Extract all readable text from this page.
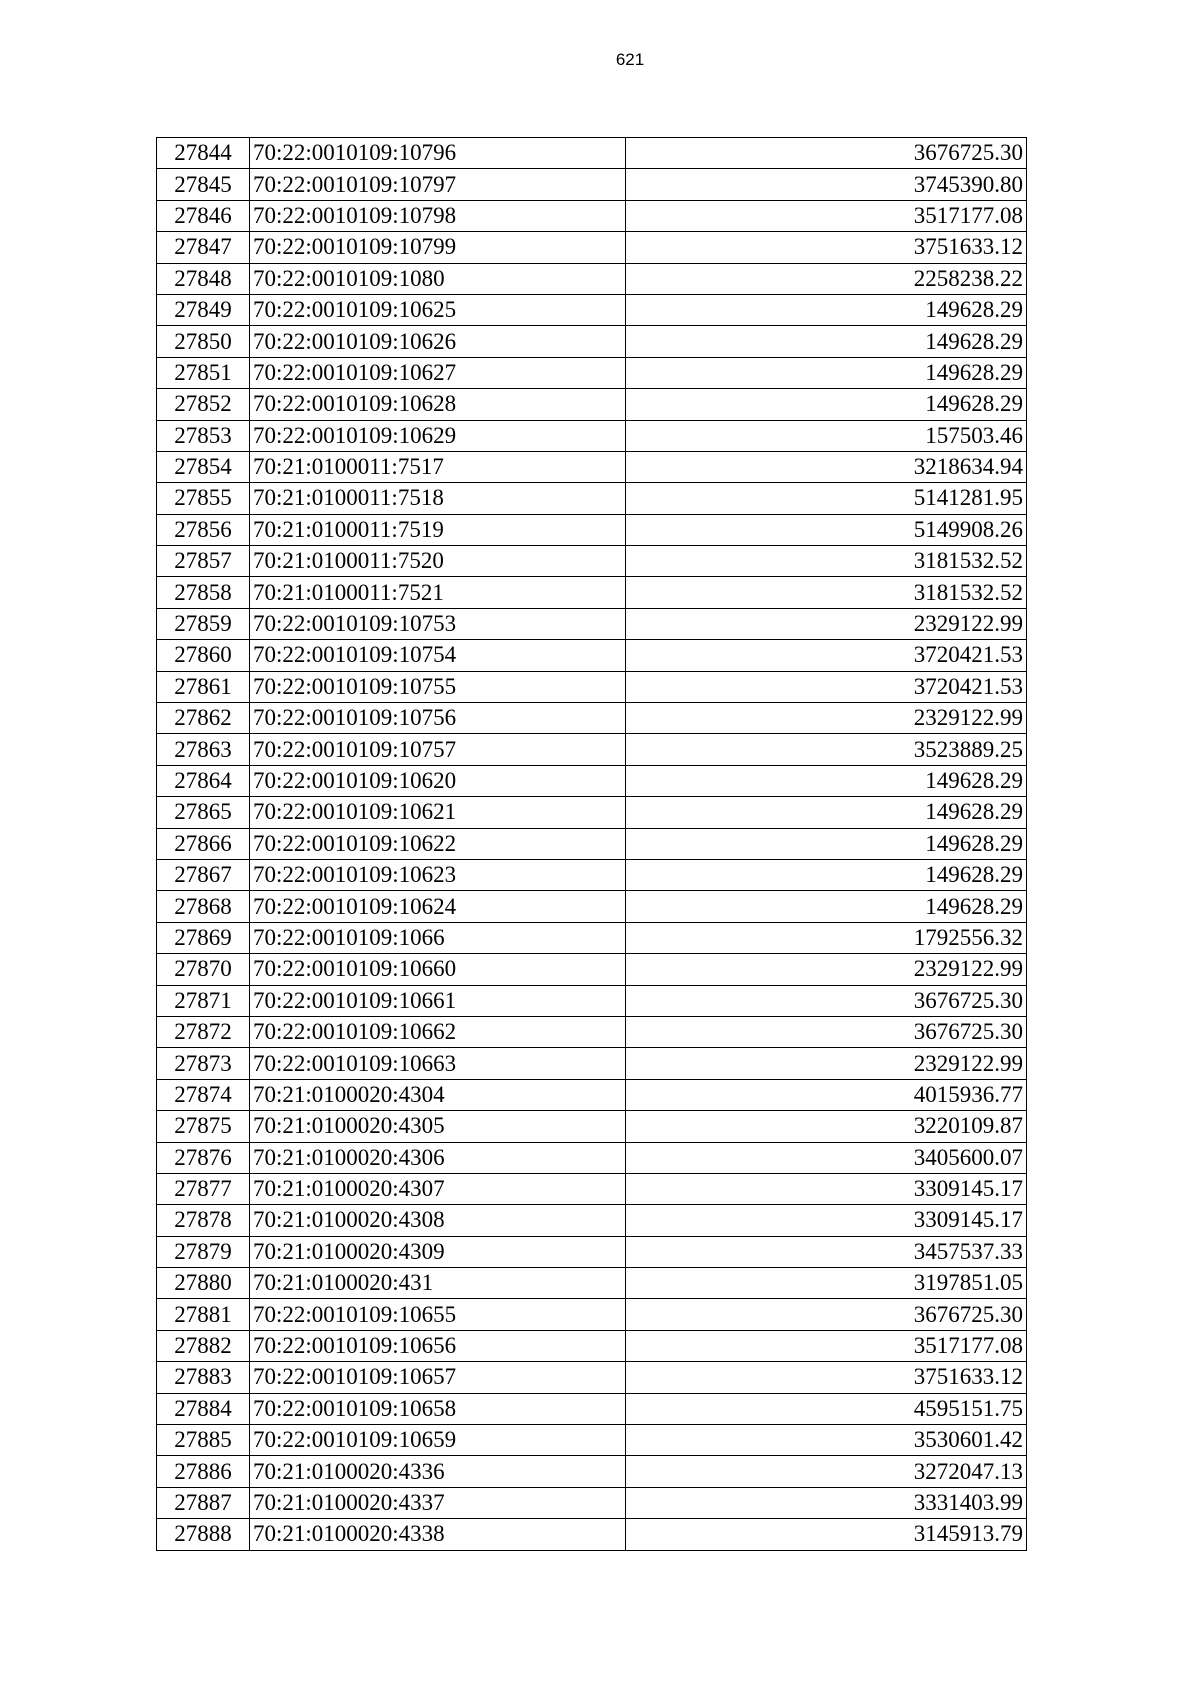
621
27844	70:22:0010109:10796	3676725.30
27845	70:22:0010109:10797	3745390.80
27846	70:22:0010109:10798	3517177.08
27847	70:22:0010109:10799	3751633.12
27848	70:22:0010109:1080	2258238.22
27849	70:22:0010109:10625	149628.29
27850	70:22:0010109:10626	149628.29
27851	70:22:0010109:10627	149628.29
27852	70:22:0010109:10628	149628.29
27853	70:22:0010109:10629	157503.46
27854	70:21:0100011:7517	3218634.94
27855	70:21:0100011:7518	5141281.95
27856	70:21:0100011:7519	5149908.26
27857	70:21:0100011:7520	3181532.52
27858	70:21:0100011:7521	3181532.52
27859	70:22:0010109:10753	2329122.99
27860	70:22:0010109:10754	3720421.53
27861	70:22:0010109:10755	3720421.53
27862	70:22:0010109:10756	2329122.99
27863	70:22:0010109:10757	3523889.25
27864	70:22:0010109:10620	149628.29
27865	70:22:0010109:10621	149628.29
27866	70:22:0010109:10622	149628.29
27867	70:22:0010109:10623	149628.29
27868	70:22:0010109:10624	149628.29
27869	70:22:0010109:1066	1792556.32
27870	70:22:0010109:10660	2329122.99
27871	70:22:0010109:10661	3676725.30
27872	70:22:0010109:10662	3676725.30
27873	70:22:0010109:10663	2329122.99
27874	70:21:0100020:4304	4015936.77
27875	70:21:0100020:4305	3220109.87
27876	70:21:0100020:4306	3405600.07
27877	70:21:0100020:4307	3309145.17
27878	70:21:0100020:4308	3309145.17
27879	70:21:0100020:4309	3457537.33
27880	70:21:0100020:431	3197851.05
27881	70:22:0010109:10655	3676725.30
27882	70:22:0010109:10656	3517177.08
27883	70:22:0010109:10657	3751633.12
27884	70:22:0010109:10658	4595151.75
27885	70:22:0010109:10659	3530601.42
27886	70:21:0100020:4336	3272047.13
27887	70:21:0100020:4337	3331403.99
27888	70:21:0100020:4338	3145913.79
